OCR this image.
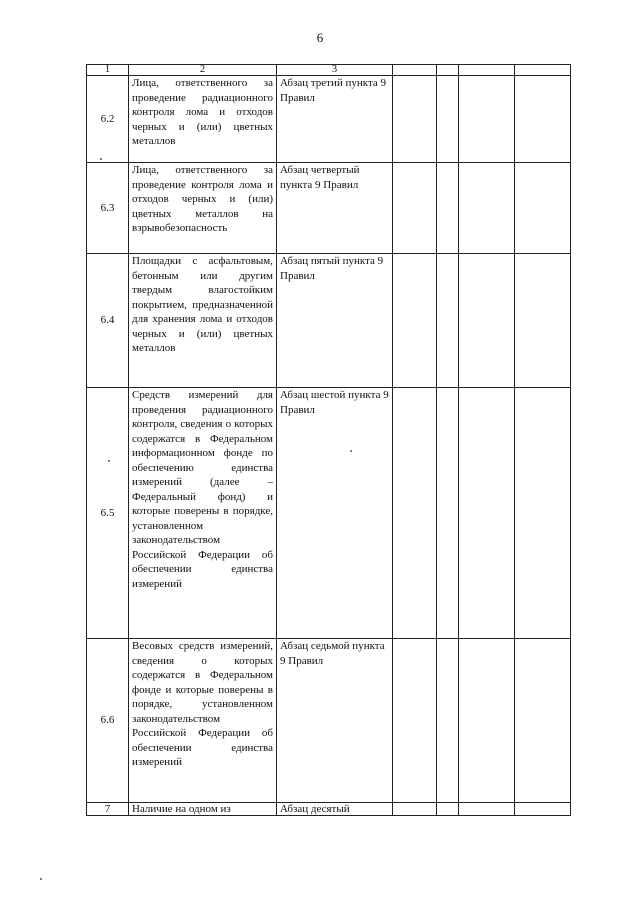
6
1	2	3				
6.2	Лица, ответственного за проведение радиационного контроля лома и отходов черных и (или) цветных металлов	Абзац третий пункта 9 Правил				
6.3	Лица, ответственного за проведение контроля лома и отходов черных и (или) цветных металлов на взрывобезопасность	Абзац четвертый пункта 9 Правил				
6.4	Площадки с асфальтовым, бетонным или другим твердым влагостойким покрытием, предназначенной для хранения лома и отходов черных и (или) цветных металлов	Абзац пятый пункта 9 Правил				
6.5	Средств измерений для проведения радиационного контроля, сведения о которых содержатся в Федеральном информационном фонде по обеспечению единства измерений (далее – Федеральный фонд) и которые поверены в порядке, установленном законодательством Российской Федерации об обеспечении единства измерений	Абзац шестой пункта 9 Правил				
6.6	Весовых средств измерений, сведения о которых содержатся в Федеральном фонде и которые поверены в порядке, установленном законодательством Российской Федерации об обеспечении единства измерений	Абзац седьмой пункта 9 Правил				
7	Наличие на одном из	Абзац десятый				
